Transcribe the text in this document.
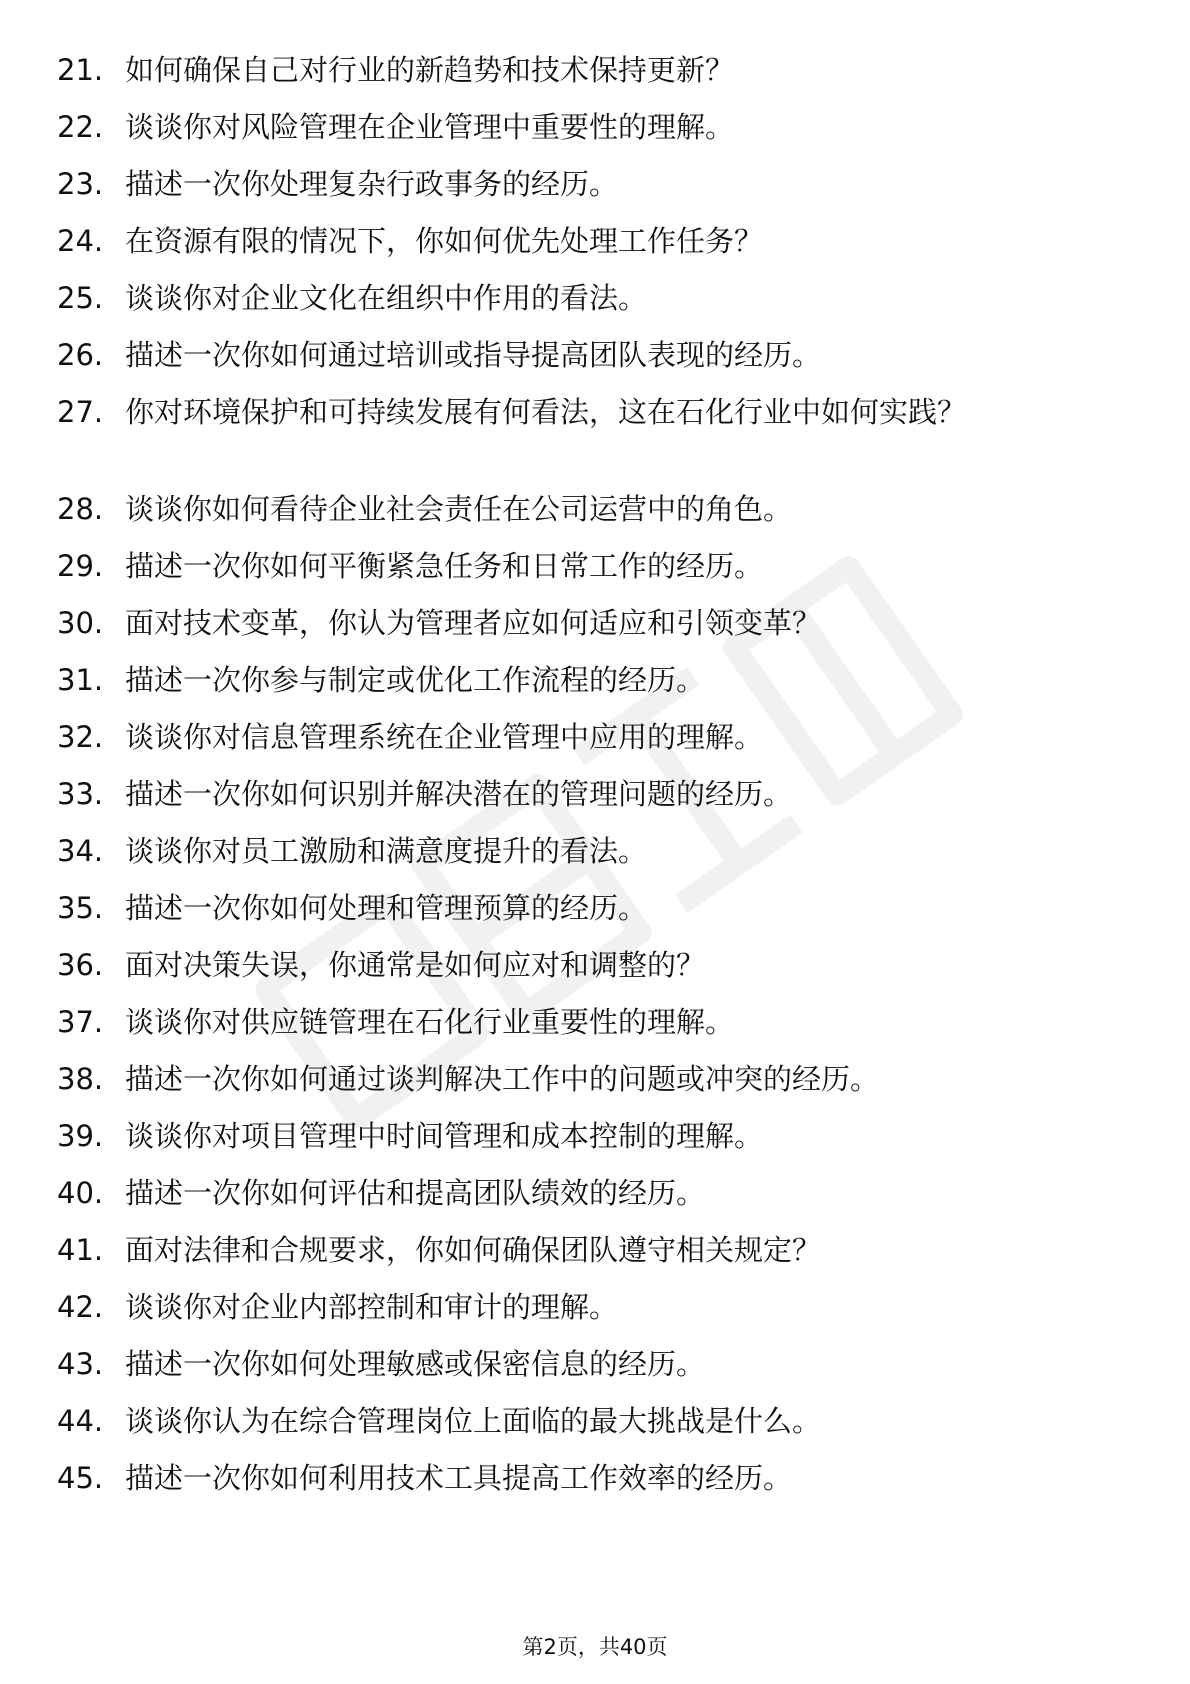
21. 如何确保自己对行业的新趋势和技术保持更新？
22. 谈谈你对风险管理在企业管理中重要性的理解。
23. 描述一次你处理复杂行政事务的经历。
24. 在资源有限的情况下，你如何优先处理工作任务？
25. 谈谈你对企业文化在组织中作用的看法。
26. 描述一次你如何通过培训或指导提高团队表现的经历。
27. 你对环境保护和可持续发展有何看法，这在石化行业中如何实践？
28. 谈谈你如何看待企业社会责任在公司运营中的角色。
29. 描述一次你如何平衡紧急任务和日常工作的经历。
30. 面对技术变革，你认为管理者应如何适应和引领变革？
31. 描述一次你参与制定或优化工作流程的经历。
32. 谈谈你对信息管理系统在企业管理中应用的理解。
33. 描述一次你如何识别并解决潜在的管理问题的经历。
34. 谈谈你对员工激励和满意度提升的看法。
35. 描述一次你如何处理和管理预算的经历。
36. 面对决策失误，你通常是如何应对和调整的？
37. 谈谈你对供应链管理在石化行业重要性的理解。
38. 描述一次你如何通过谈判解决工作中的问题或冲突的经历。
39. 谈谈你对项目管理中时间管理和成本控制的理解。
40. 描述一次你如何评估和提高团队绩效的经历。
41. 面对法律和合规要求，你如何确保团队遵守相关规定？
42. 谈谈你对企业内部控制和审计的理解。
43. 描述一次你如何处理敏感或保密信息的经历。
44. 谈谈你认为在综合管理岗位上面临的最大挑战是什么。
45. 描述一次你如何利用技术工具提高工作效率的经历。
第2页，共40页
